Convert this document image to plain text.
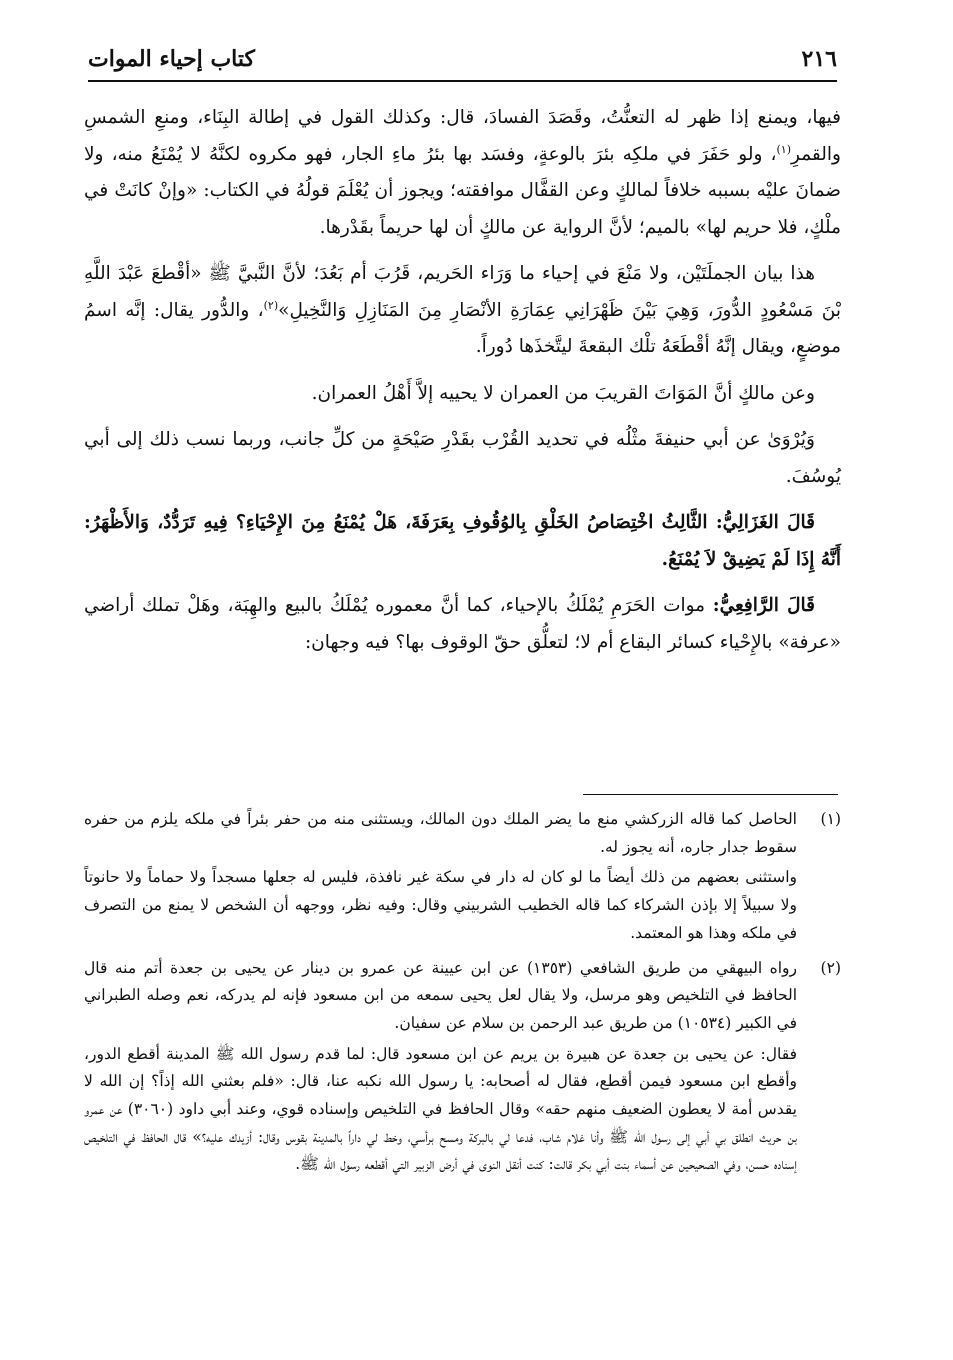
٢١٦
كتاب إحياء الموات

فيها، ويمنع إذا ظهر له التعنُّتُ، وقَصَدَ الفسادَ، قال: وكذلك القول في إطالة البِنَاء، ومنعِ الشمسِ والقمرِ$^{(١)}$، ولو حَفَرَ في ملكِه بئرَ بالوعةٍ، وفسَد بها بئرُ ماءِ الجار، فهو مكروه لكنَّهُ لا يُمْنَعُ منه، ولا ضمانَ عليْه بسببه خلافاً لمالكٍ وعن القفَّال موافقته؛ ويجوز أن يُعْلَمَ قولُهُ في الكتاب: «وإنْ كانَتْ في ملْكٍ، فلا حريم لها» بالميم؛ لأنَّ الرواية عن مالكٍ أن لها حريماً بقَدْرها.

هذا بيان الجملَتَيْن، ولا مَنْعَ في إحياء ما وَرَاء الحَريم، قَرُبَ أم بَعُدَ؛ لأنَّ النَّبيَّ ﷺ «أقْطعَ عَبْدَ اللَّهِ بْنَ مَسْعُودٍ الدُّورَ، وَهِيَ بَيْنَ ظَهْرَانِي عِمَارَةِ الأنْصَارِ مِنَ المَنَازِلِ وَالنَّخِيلِ»$^{(٢)}$، والدُّور يقال: إنَّه اسمُ موضعٍ، ويقال إنَّهُ أقْطَعَهُ تلْك البقعةَ ليتَّخذَها دُوراً.

وعن مالكٍ أنَّ المَوَاتَ القريبَ من العمران لا يحييه إلاَّ أَهْلُ العمران.

وَيُرْوَىٰ عن أبي حنيفةَ مثْلُه في تحديد القُرْب بقَدْرِ صَيْحَةٍ من كلِّ جانب، وربما نسب ذلك إلى أبي يُوسُفَ.

قَالَ الغَزَالِيُّ: الثَّالِثُ اخْتِصَاصُ الخَلْقِ بِالوُقُوفِ بِعَرَفَةَ، هَلْ يُمْنَعُ مِنَ الإِحْيَاءِ؟ فِيهِ تَرَدُّدٌ، وَالأَظْهَرُ: أَنَّهُ إِذَا لَمْ يَضِيقْ لاَ يُمْنَعُ.

قَالَ الرَّافِعِيُّ: موات الحَرَمِ يُمْلَكُ بالإحياء، كما أنَّ معموره يُمْلَكُ بالبيع والهِبَة، وهَلْ تملك أراضي «عرفة» بالإِحْياء كسائر البقاع أم لا؛ لتعلُّق حقّ الوقوف بها؟ فيه وجهان:

(١)

الحاصل كما قاله الزركشي منع ما يضر الملك دون المالك، ويستثنى منه من حفر بئراً في ملكه يلزم من حفره سقوط جدار جاره، أنه يجوز له.

واستثنى بعضهم من ذلك أيضاً ما لو كان له دار في سكة غير نافذة، فليس له جعلها مسجداً ولا حماماً ولا حانوتاً ولا سبيلاً إلا بإذن الشركاء كما قاله الخطيب الشربيني وقال: وفيه نظر، ووجهه أن الشخص لا يمنع من التصرف في ملكه وهذا هو المعتمد.

(٢)

رواه البيهقي من طريق الشافعي (١٣٥٣) عن ابن عيينة عن عمرو بن دينار عن يحيى بن جعدة أتم منه قال الحافظ في التلخيص وهو مرسل، ولا يقال لعل يحيى سمعه من ابن مسعود فإنه لم يدركه، نعم وصله الطبراني في الكبير (١٠٥٣٤) من طريق عبد الرحمن بن سلام عن سفيان.

فقال: عن يحيى بن جعدة عن هبيرة بن يريم عن ابن مسعود قال: لما قدم رسول الله ﷺ المدينة أقطع الدور، وأقطع ابن مسعود فيمن أقطع، فقال له أصحابه: يا رسول الله نكبه عنا، قال: «فلم بعثني الله إذاً؟ إن الله لا يقدس أمة لا يعطون الضعيف منهم حقه» وقال الحافظ في التلخيص وإسناده قوي، وعند أبي داود (٣٠٦٠) عن عمرو بن حريث انطلق بي أبي إلى رسول الله ﷺ وأنا غلام شاب، فدعا لي بالبركة ومسح برأسي، وخط لي داراً بالمدينة بقوس وقال: أزيدك عليه؟» قال الحافظ في التلخيص إسناده حسن، وفي الصحيحين عن أسماء بنت أبي بكر قالت: كنت أنقل النوى في أرض الزبير التي أقطعه رسول الله ﷺ.
